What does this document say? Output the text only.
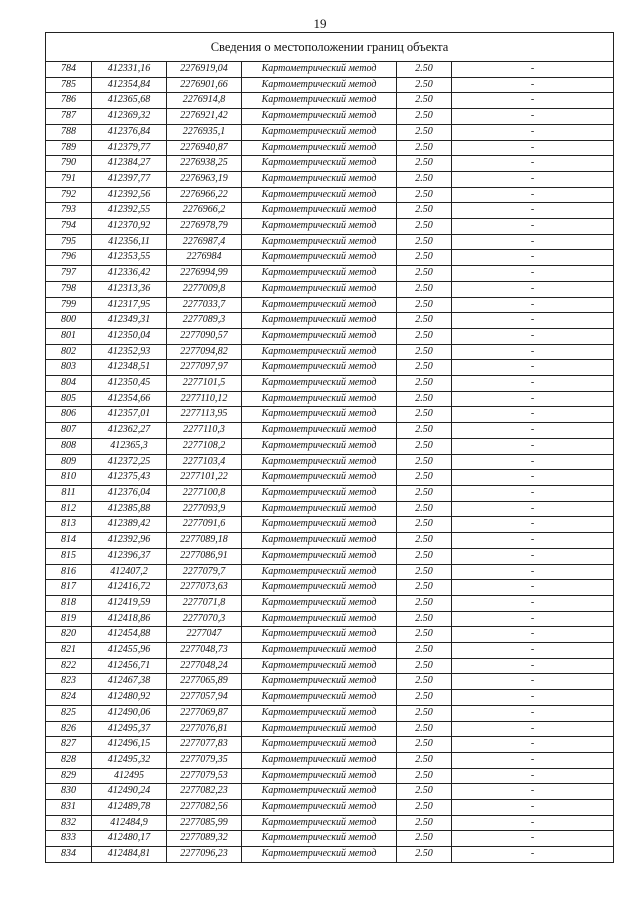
19
Сведения о местоположении границ объекта					
784	412331,16	2276919,04	Картометрический метод	2.50	-
785	412354,84	2276901,66	Картометрический метод	2.50	-
786	412365,68	2276914,8	Картометрический метод	2.50	-
787	412369,32	2276921,42	Картометрический метод	2.50	-
788	412376,84	2276935,1	Картометрический метод	2.50	-
789	412379,77	2276940,87	Картометрический метод	2.50	-
790	412384,27	2276938,25	Картометрический метод	2.50	-
791	412397,77	2276963,19	Картометрический метод	2.50	-
792	412392,56	2276966,22	Картометрический метод	2.50	-
793	412392,55	2276966,2	Картометрический метод	2.50	-
794	412370,92	2276978,79	Картометрический метод	2.50	-
795	412356,11	2276987,4	Картометрический метод	2.50	-
796	412353,55	2276984	Картометрический метод	2.50	-
797	412336,42	2276994,99	Картометрический метод	2.50	-
798	412313,36	2277009,8	Картометрический метод	2.50	-
799	412317,95	2277033,7	Картометрический метод	2.50	-
800	412349,31	2277089,3	Картометрический метод	2.50	-
801	412350,04	2277090,57	Картометрический метод	2.50	-
802	412352,93	2277094,82	Картометрический метод	2.50	-
803	412348,51	2277097,97	Картометрический метод	2.50	-
804	412350,45	2277101,5	Картометрический метод	2.50	-
805	412354,66	2277110,12	Картометрический метод	2.50	-
806	412357,01	2277113,95	Картометрический метод	2.50	-
807	412362,27	2277110,3	Картометрический метод	2.50	-
808	412365,3	2277108,2	Картометрический метод	2.50	-
809	412372,25	2277103,4	Картометрический метод	2.50	-
810	412375,43	2277101,22	Картометрический метод	2.50	-
811	412376,04	2277100,8	Картометрический метод	2.50	-
812	412385,88	2277093,9	Картометрический метод	2.50	-
813	412389,42	2277091,6	Картометрический метод	2.50	-
814	412392,96	2277089,18	Картометрический метод	2.50	-
815	412396,37	2277086,91	Картометрический метод	2.50	-
816	412407,2	2277079,7	Картометрический метод	2.50	-
817	412416,72	2277073,63	Картометрический метод	2.50	-
818	412419,59	2277071,8	Картометрический метод	2.50	-
819	412418,86	2277070,3	Картометрический метод	2.50	-
820	412454,88	2277047	Картометрический метод	2.50	-
821	412455,96	2277048,73	Картометрический метод	2.50	-
822	412456,71	2277048,24	Картометрический метод	2.50	-
823	412467,38	2277065,89	Картометрический метод	2.50	-
824	412480,92	2277057,94	Картометрический метод	2.50	-
825	412490,06	2277069,87	Картометрический метод	2.50	-
826	412495,37	2277076,81	Картометрический метод	2.50	-
827	412496,15	2277077,83	Картометрический метод	2.50	-
828	412495,32	2277079,35	Картометрический метод	2.50	-
829	412495	2277079,53	Картометрический метод	2.50	-
830	412490,24	2277082,23	Картометрический метод	2.50	-
831	412489,78	2277082,56	Картометрический метод	2.50	-
832	412484,9	2277085,99	Картометрический метод	2.50	-
833	412480,17	2277089,32	Картометрический метод	2.50	-
834	412484,81	2277096,23	Картометрический метод	2.50	-
